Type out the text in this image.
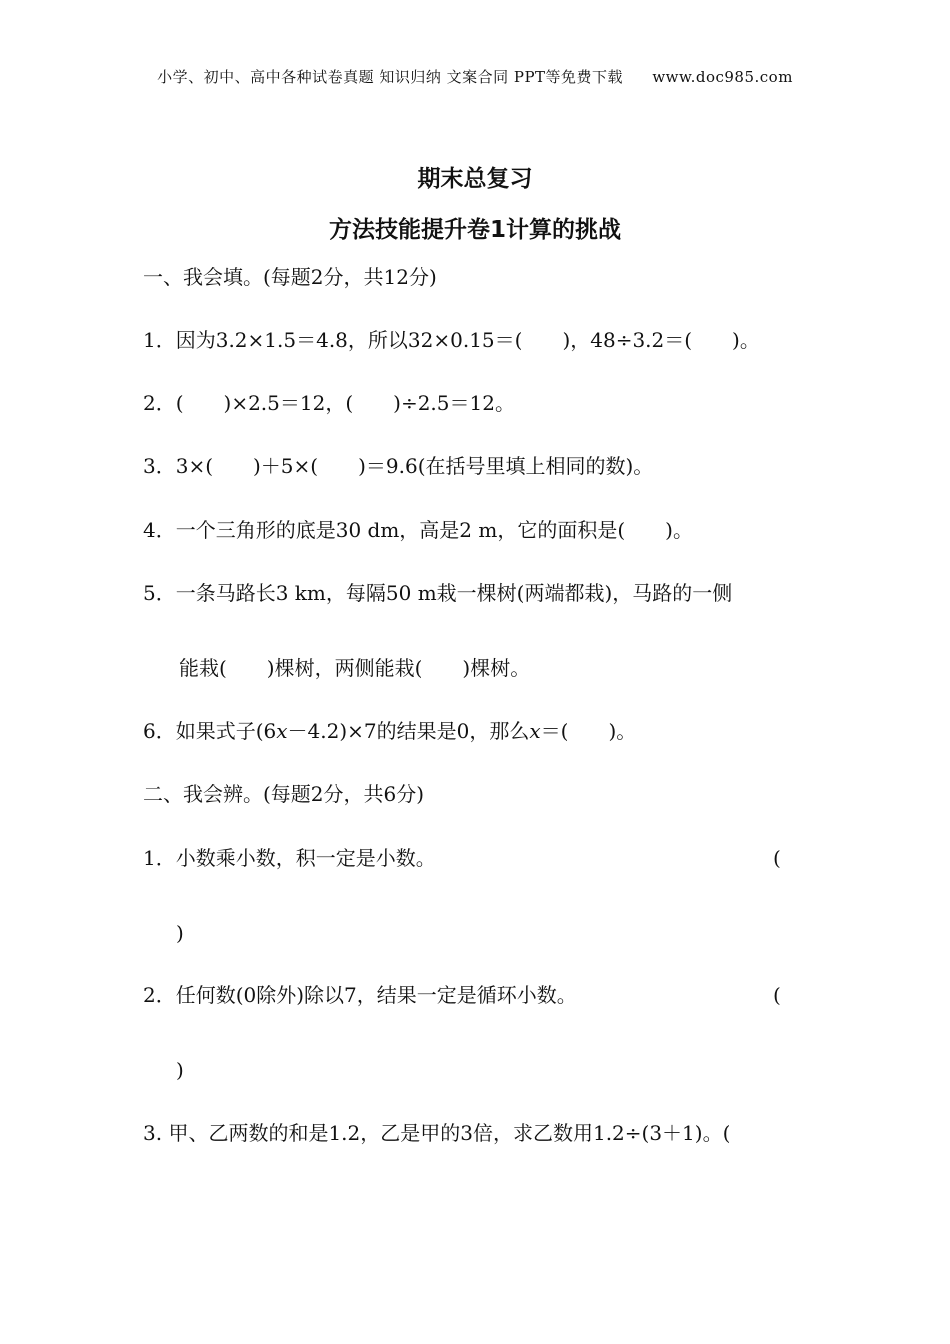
小学、初中、高中各种试卷真题 知识归纳 文案合同 PPT等免费下载 www.doc985.com
期末总复习
方法技能提升卷1计算的挑战
一、我会填。(每题2分，共12分)
1．因为3.2×1.5＝4.8，所以32×0.15＝(　　)，48÷3.2＝(　　)。
2．(　　)×2.5＝12，(　　)÷2.5＝12。
3．3×(　　)＋5×(　　)＝9.6(在括号里填上相同的数)。
4．一个三角形的底是30 dm，高是2 m，它的面积是(　　)。
5．一条马路长3 km，每隔50 m栽一棵树(两端都栽)，马路的一侧
能栽(　　)棵树，两侧能栽(　　)棵树。
6．如果式子(6x－4.2)×7的结果是0，那么x＝(　　)。
二、我会辨。(每题2分，共6分)
1．小数乘小数，积一定是小数。	(
)
2．任何数(0除外)除以7，结果一定是循环小数。	(
)
3. 甲、乙两数的和是1.2，乙是甲的3倍，求乙数用1.2÷(3＋1)。(
